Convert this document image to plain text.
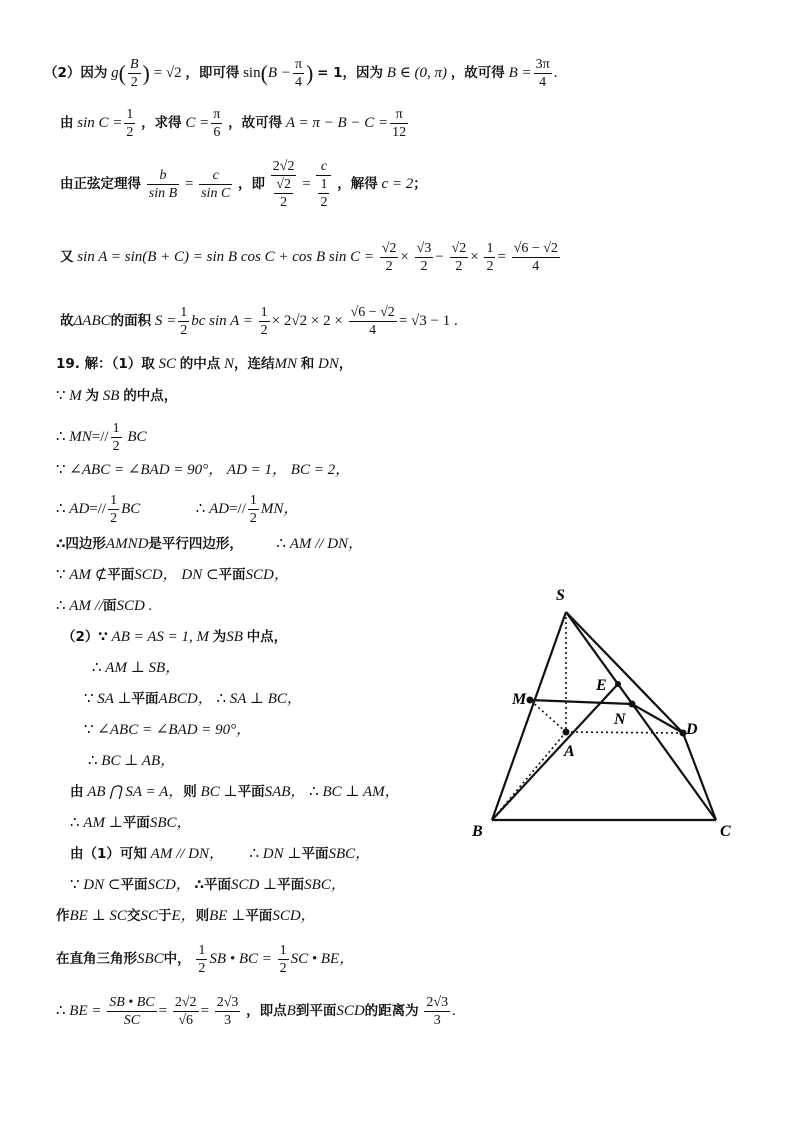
（2）因为 $g( \frac{B}{2}$ ) = √2 ，即可得 $\sin(B - \frac{\pi}{4}$ ) = 1，因为 B ∈ (0, π) ，故可得 $B = \frac{3\pi}{4}$ .
由 $\sin C = \frac{1}{2}$ ，求得 $C = \frac{\pi}{6}$ ，故可得 $A = \pi - B - C = \frac{\pi}{12}$
由正弦定理得 $\frac{b}{\text{sin B}} = \frac{c}{\text{sin C}}$ ，即 $\frac{2√2}{\frac{√2}{2}} = \frac{c}{\frac{1}{2}}$ ，解得 c = 2；
又 sin A = sin(B + C) = sin B cos C + cos B $\sin C = \frac{√2}{2} \times \frac{√3}{2} - \frac{√2}{2} \times \frac{1}{2} = \frac{√6 - √2}{4}$
故ΔABC的面积 $S = \frac{1}{2}$ bc $\sin A = \frac{1}{2} \times 2√2 \times 2 \times \frac{√6 - √2}{4} = √3 - 1$ .
19. 解：（1）取 SC 的中点 N，连结MN 和 DN，
∵ M 为 SB 的中点，
∴ $MN=// \frac{1}{2}$ BC
∵ ∠ABC = ∠BAD = 90°， AD = 1， BC = 2，
∴ $AD=// \frac{1}{2}$ BC	∴ $AD=// \frac{1}{2}$ MN，
∴四边形AMND是平行四边形， ∴ AM // DN，
∵ AM ⊄平面SCD， DN ⊂平面SCD，
∴ AM //面SCD .
（2）∵ AB = AS = 1, M 为SB 中点，
∴ AM ⊥ SB，
∵ SA ⊥平面ABCD， ∴ SA ⊥ BC，
∵ ∠ABC = ∠BAD = 90°，
∴ BC ⊥ AB，
由 AB ⋂ SA = A，则 BC ⊥平面SAB， ∴ BC ⊥ AM，
∴ AM ⊥平面SBC，
由（1）可知 AM // DN， ∴ DN ⊥平面SBC，
∵ DN ⊂平面SCD， ∴平面SCD ⊥平面SBC，
作BE ⊥ SC交SC于E，则BE ⊥平面SCD，
在直角三角形SBC中， $\frac{1}{2}$ SB • BC = $\frac{1}{2}$ SC • BE，
∴ BE = $\frac{SB • BC}{SC} = \frac{2√2}{√6} = \frac{2√3}{3}$ ，即点B到平面SCD的距离为 $\frac{2√3}{3}$ .
S
E
M
N
D
A
B	C
